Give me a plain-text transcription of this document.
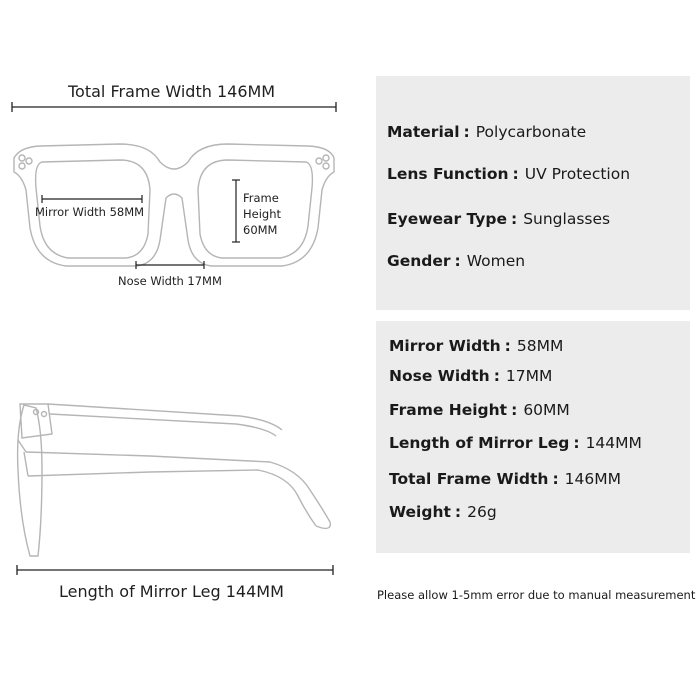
Total Frame Width 146MM
Mirror Width 58MM
Frame
Height
60MM
Nose Width 17MM
Length of Mirror Leg 144MM
Material : Polycarbonate
Lens Function : UV Protection
Eyewear Type : Sunglasses
Gender : Women
Mirror Width : 58MM
Nose Width : 17MM
Frame Height : 60MM
Length of Mirror Leg : 144MM
Total Frame Width : 146MM
Weight : 26g
Please allow 1-5mm error due to manual measurement
